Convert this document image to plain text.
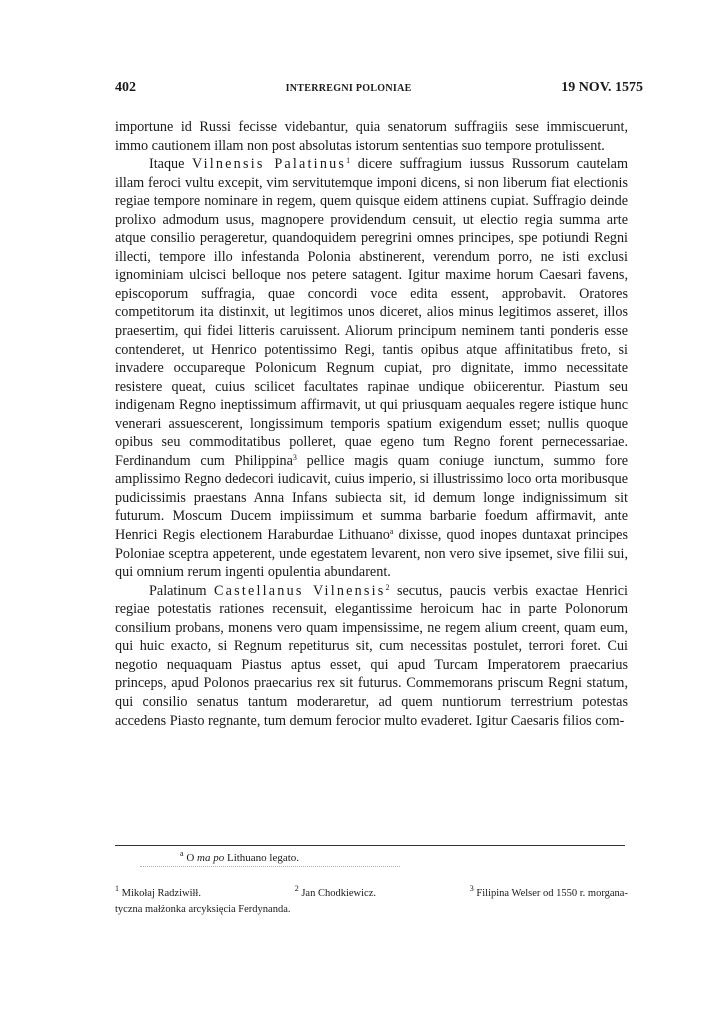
402	INTERREGNI POLONIAE	19 NOV. 1575

importune id Russi fecisse videbantur, quia senatorum suffragiis sese immiscuerunt, immo cautionem illam non post absolutas istorum sententias suo tempore protulissent.

Itaque Vilnensis Palatinus$^1$ dicere suffragium iussus Russorum cautelam illam feroci vultu excepit, vim servitutemque imponi dicens, si non liberum fiat electionis regiae tempore nominare in regem, quem quisque eidem attinens cupiat. Suffragio deinde prolixo admodum usus, magnopere providendum censuit, ut electio regia summa arte atque consilio perageretur, quandoquidem peregrini omnes principes, spe potiundi Regni illecti, tempore illo infestanda Polonia abstinerent, verendum porro, ne isti exclusi ignominiam ulcisci belloque nos petere satagent. Igitur maxime horum Caesari favens, episcoporum suffragia, quae concordi voce edita essent, approbavit. Oratores competitorum ita distinxit, ut legitimos unos diceret, alios minus legitimos asseret, illos praesertim, qui fidei litteris caruissent. Aliorum principum neminem tanti ponderis esse contenderet, ut Henrico potentissimo Regi, tantis opibus atque affinitatibus freto, si invadere occupareque Polonicum Regnum cupiat, pro dignitate, immo necessitate resistere queat, cuius scilicet facultates rapinae undique obiicerentur. Piastum seu indigenam Regno ineptissimum affirmavit, ut qui priusquam aequales regere istique hunc venerari assuescerent, longissimum temporis spatium exigendum esset; nullis quoque opibus seu commoditatibus polleret, quae egeno tum Regno forent pernecessariae. Ferdinandum cum Philippina$^3$ pellice magis quam coniuge iunctum, summo fore amplissimo Regno dedecori iudicavit, cuius imperio, si illustrissimo loco orta moribusque pudicissimis praestans Anna Infans subiecta sit, id demum longe indignissimum sit futurum. Moscum Ducem impiissimum et summa barbarie foedum affirmavit, ante Henrici Regis electionem Haraburdae Lithuano$^a$ dixisse, quod inopes duntaxat principes Poloniae sceptra appeterent, unde egestatem levarent, non vero sive ipsemet, sive filii sui, qui omnium rerum ingenti opulentia abundarent.

Palatinum Castellanus Vilnensis$^2$ secutus, paucis verbis exactae Henrici regiae potestatis rationes recensuit, elegantissime heroicum hac in parte Polonorum consilium probans, monens vero quam impensissime, ne regem alium creent, quam eum, qui huic exacto, si Regnum repetiturus sit, cum necessitas postulet, terrori foret. Cui negotio nequaquam Piastus aptus esset, qui apud Turcam Imperatorem praecarius princeps, apud Polonos praecarius rex sit futurus. Commemorans priscum Regni statum, qui consilio senatus tantum moderaretur, ad quem nuntiorum terrestrium potestas accedens Piasto regnante, tum demum ferocior multo evaderet. Igitur Caesaris filios com-

$^a$ O ma po Lithuano legato.
$^1$ Mikołaj Radziwiłł.	$^2$ Jan Chodkiewicz.	$^3$ Filipina Welser od 1550 r. morgana-
tyczna małżonka arcyksięcia Ferdynanda.
